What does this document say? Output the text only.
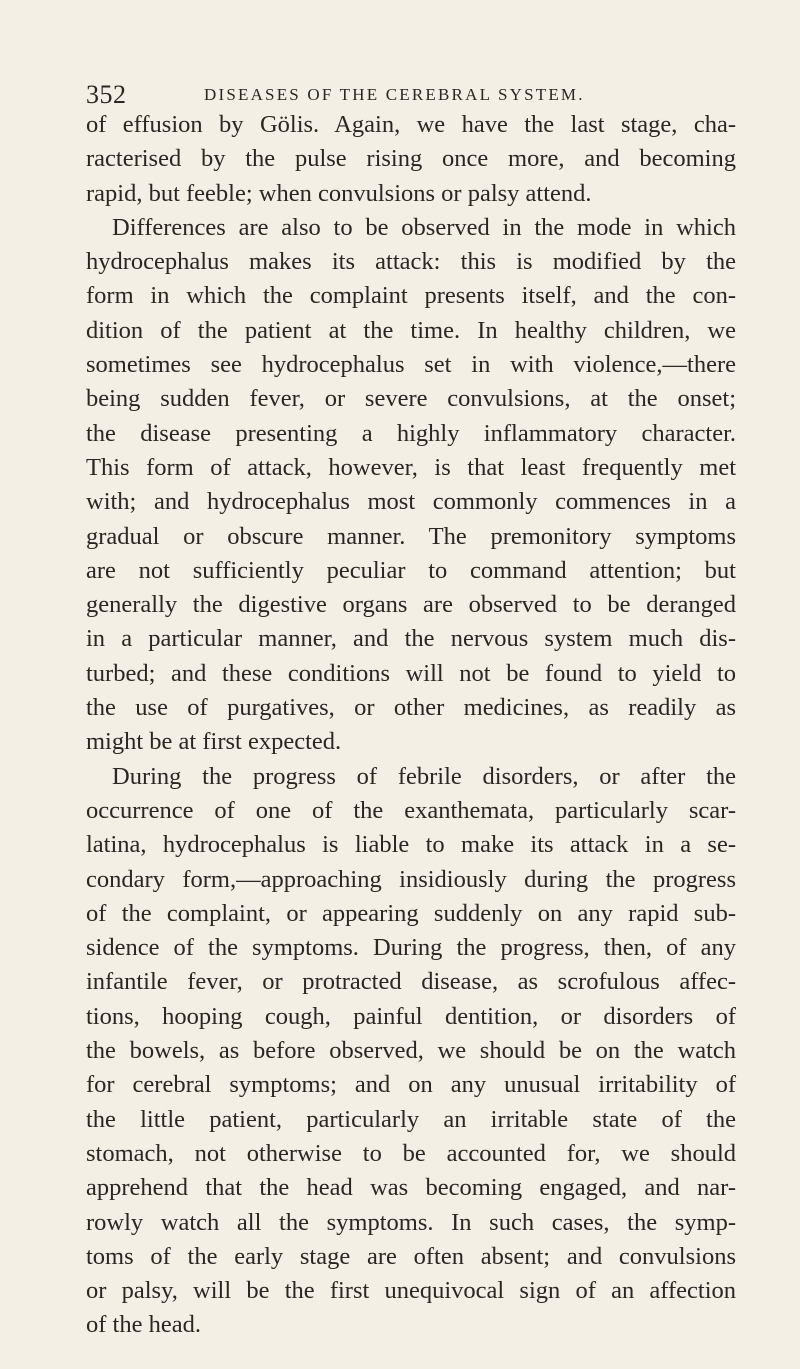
352	DISEASES OF THE CEREBRAL SYSTEM.
of effusion by Gölis. Again, we have the last stage, cha-
racterised by the pulse rising once more, and becoming
rapid, but feeble; when convulsions or palsy attend.
Differences are also to be observed in the mode in which
hydrocephalus makes its attack: this is modified by the
form in which the complaint presents itself, and the con-
dition of the patient at the time. In healthy children, we
sometimes see hydrocephalus set in with violence,—there
being sudden fever, or severe convulsions, at the onset;
the disease presenting a highly inflammatory character.
This form of attack, however, is that least frequently met
with; and hydrocephalus most commonly commences in a
gradual or obscure manner. The premonitory symptoms
are not sufficiently peculiar to command attention; but
generally the digestive organs are observed to be deranged
in a particular manner, and the nervous system much dis-
turbed; and these conditions will not be found to yield to
the use of purgatives, or other medicines, as readily as
might be at first expected.
During the progress of febrile disorders, or after the
occurrence of one of the exanthemata, particularly scar-
latina, hydrocephalus is liable to make its attack in a se-
condary form,—approaching insidiously during the progress
of the complaint, or appearing suddenly on any rapid sub-
sidence of the symptoms. During the progress, then, of any
infantile fever, or protracted disease, as scrofulous affec-
tions, hooping cough, painful dentition, or disorders of
the bowels, as before observed, we should be on the watch
for cerebral symptoms; and on any unusual irritability of
the little patient, particularly an irritable state of the
stomach, not otherwise to be accounted for, we should
apprehend that the head was becoming engaged, and nar-
rowly watch all the symptoms. In such cases, the symp-
toms of the early stage are often absent; and convulsions
or palsy, will be the first unequivocal sign of an affection
of the head.
